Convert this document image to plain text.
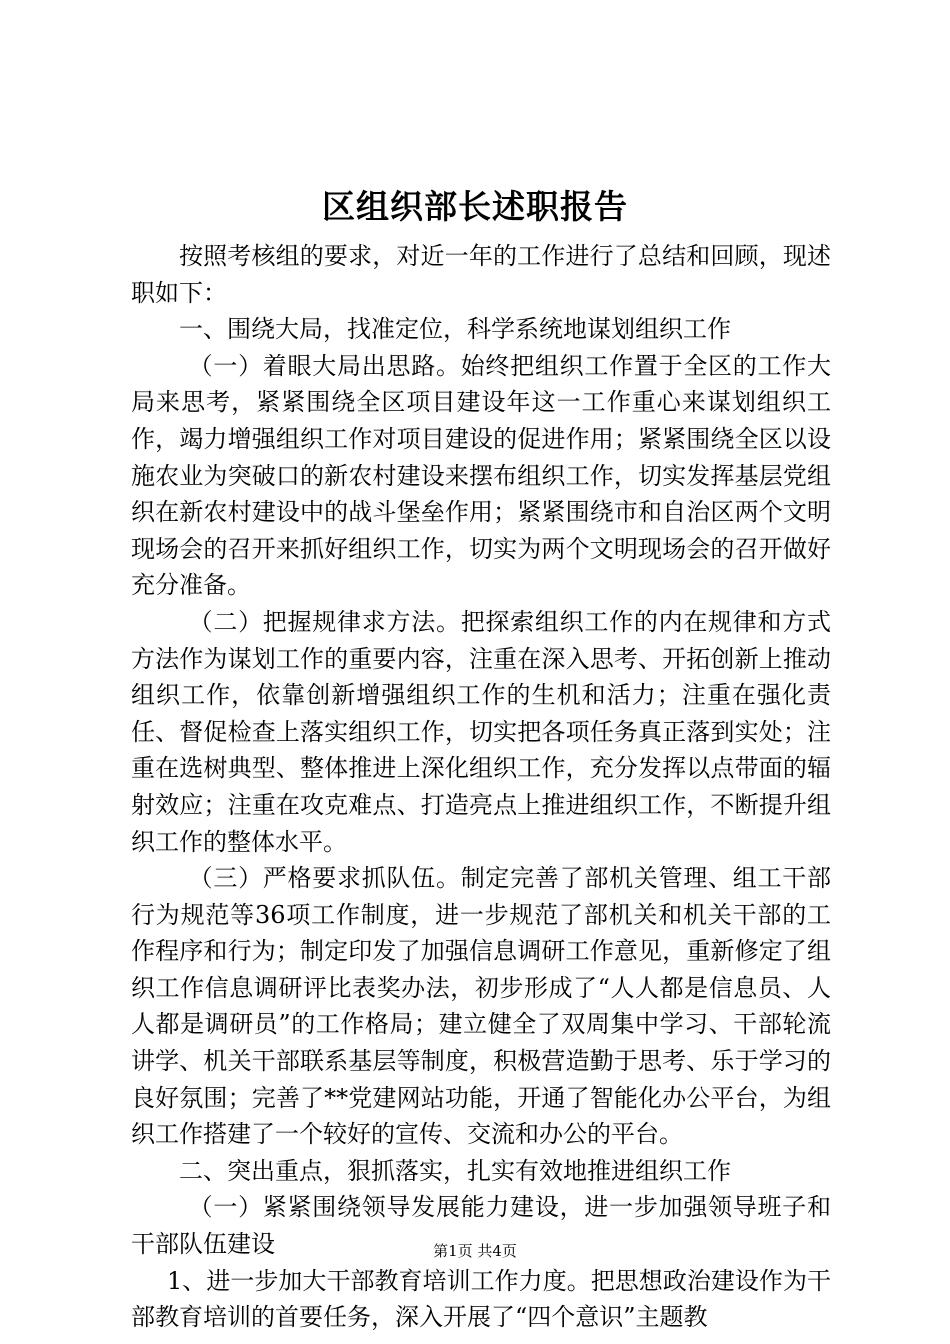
区组织部长述职报告

按照考核组的要求，对近一年的工作进行了总结和回顾，现述职如下：

一、围绕大局，找准定位，科学系统地谋划组织工作

（一）着眼大局出思路。始终把组织工作置于全区的工作大局来思考，紧紧围绕全区项目建设年这一工作重心来谋划组织工作，竭力增强组织工作对项目建设的促进作用；紧紧围绕全区以设施农业为突破口的新农村建设来摆布组织工作，切实发挥基层党组织在新农村建设中的战斗堡垒作用；紧紧围绕市和自治区两个文明现场会的召开来抓好组织工作，切实为两个文明现场会的召开做好充分准备。

（二）把握规律求方法。把探索组织工作的内在规律和方式方法作为谋划工作的重要内容，注重在深入思考、开拓创新上推动组织工作，依靠创新增强组织工作的生机和活力；注重在强化责任、督促检查上落实组织工作，切实把各项任务真正落到实处；注重在选树典型、整体推进上深化组织工作，充分发挥以点带面的辐射效应；注重在攻克难点、打造亮点上推进组织工作，不断提升组织工作的整体水平。

（三）严格要求抓队伍。制定完善了部机关管理、组工干部行为规范等36项工作制度，进一步规范了部机关和机关干部的工作程序和行为；制定印发了加强信息调研工作意见，重新修定了组织工作信息调研评比表奖办法，初步形成了“人人都是信息员、人人都是调研员”的工作格局；建立健全了双周集中学习、干部轮流讲学、机关干部联系基层等制度，积极营造勤于思考、乐于学习的良好氛围；完善了**党建网站功能，开通了智能化办公平台，为组织工作搭建了一个较好的宣传、交流和办公的平台。

二、突出重点，狠抓落实，扎实有效地推进组织工作

（一）紧紧围绕领导发展能力建设，进一步加强领导班子和干部队伍建设

1、进一步加大干部教育培训工作力度。把思想政治建设作为干部教育培训的首要任务，深入开展了“四个意识”主题教

第1页 共4页
